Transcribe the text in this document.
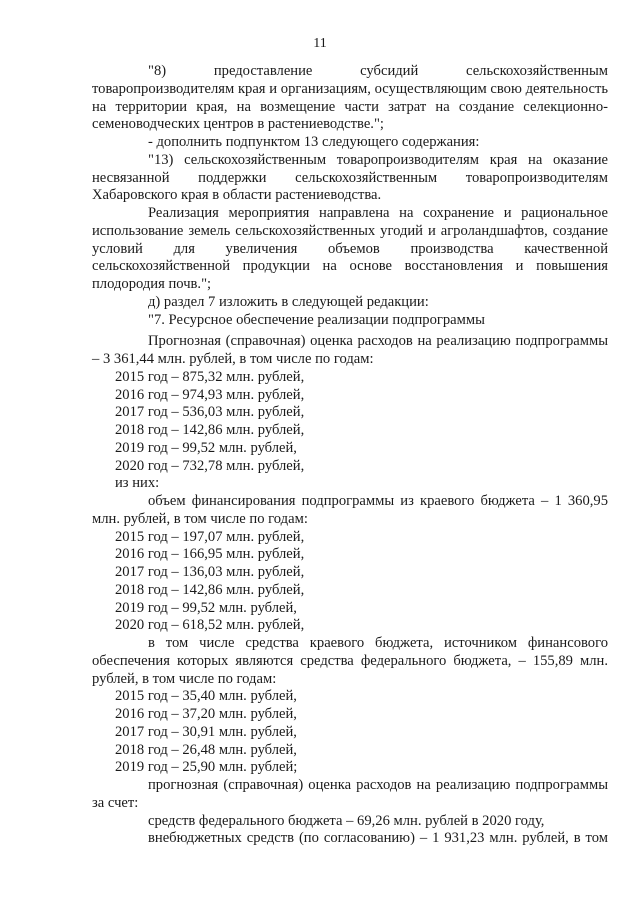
11

"8) предоставление субсидий сельскохозяйственным товаропроизводителям края и организациям, осуществляющим свою деятельность на территории края, на возмещение части затрат на создание селекционно-семеноводческих центров в растениеводстве.";

- дополнить подпунктом 13 следующего содержания:

"13) сельскохозяйственным товаропроизводителям края на оказание несвязанной поддержки сельскохозяйственным товаропроизводителям Хабаровского края в области растениеводства.

Реализация мероприятия направлена на сохранение и рациональное использование земель сельскохозяйственных угодий и агроландшафтов, создание условий для увеличения объемов производства качественной сельскохозяйственной продукции на основе восстановления и повышения плодородия почв.";

д) раздел 7 изложить в следующей редакции:

"7. Ресурсное обеспечение реализации подпрограммы

Прогнозная (справочная) оценка расходов на реализацию подпрограммы – 3 361,44 млн. рублей, в том числе по годам:

2015 год – 875,32 млн. рублей,

2016 год – 974,93 млн. рублей,

2017 год – 536,03 млн. рублей,

2018 год – 142,86 млн. рублей,

2019 год – 99,52 млн. рублей,

2020 год – 732,78 млн. рублей,

из них:

объем финансирования подпрограммы из краевого бюджета – 1 360,95 млн. рублей, в том числе по годам:

2015 год – 197,07 млн. рублей,

2016 год – 166,95 млн. рублей,

2017 год – 136,03 млн. рублей,

2018 год – 142,86 млн. рублей,

2019 год – 99,52 млн. рублей,

2020 год – 618,52 млн. рублей,

в том числе средства краевого бюджета, источником финансового обеспечения которых являются средства федерального бюджета, – 155,89 млн. рублей, в том числе по годам:

2015 год – 35,40 млн. рублей,

2016 год – 37,20 млн. рублей,

2017 год – 30,91 млн. рублей,

2018 год – 26,48 млн. рублей,

2019 год – 25,90 млн. рублей;

прогнозная (справочная) оценка расходов на реализацию подпрограммы за счет:

средств федерального бюджета – 69,26 млн. рублей в 2020 году,

внебюджетных средств (по согласованию) – 1 931,23 млн. рублей, в том
